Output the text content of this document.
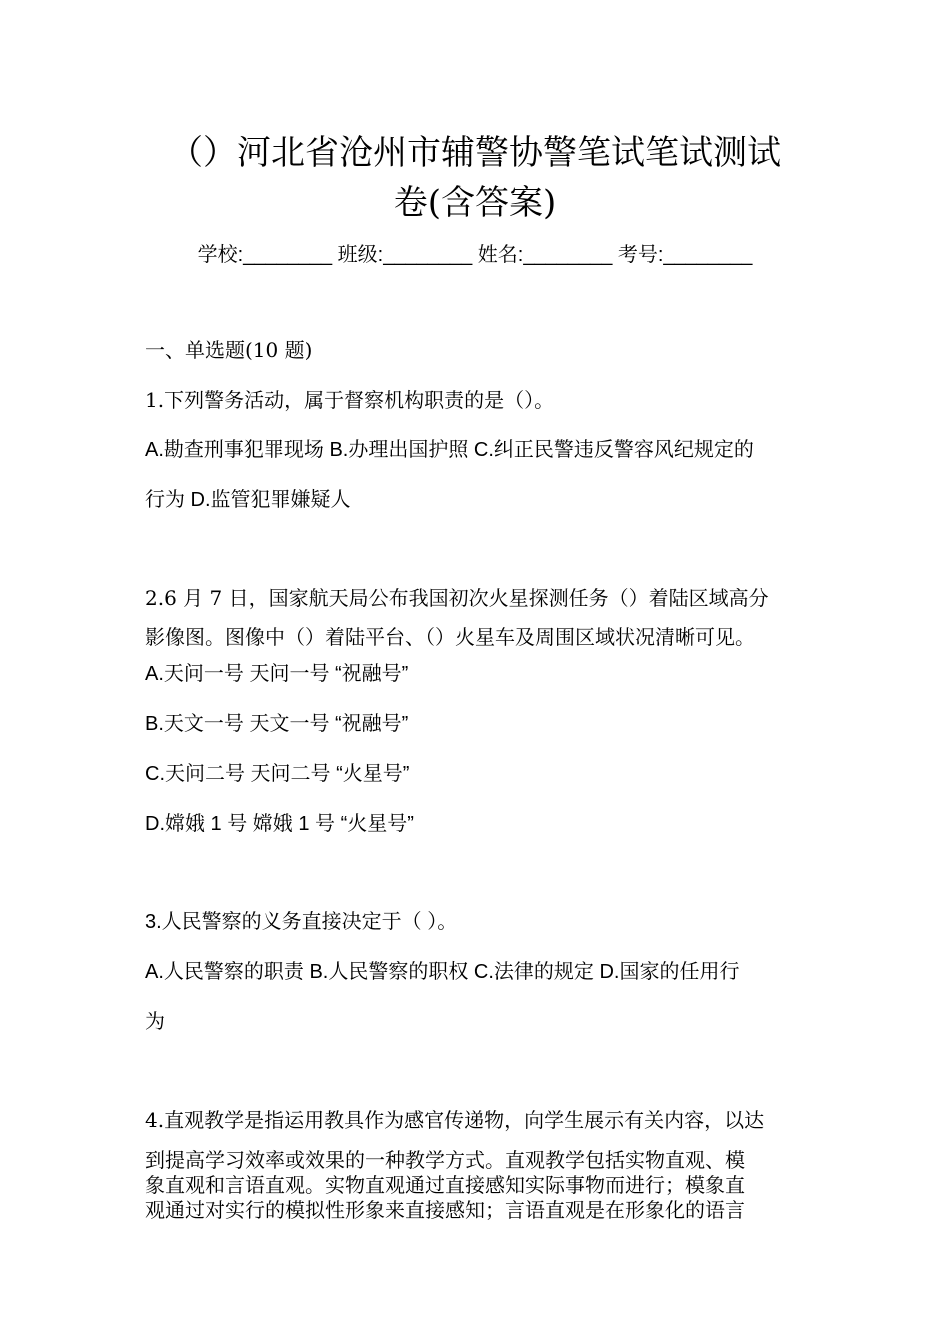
（）河北省沧州市辅警协警笔试笔试测试
卷(含答案)
学校:________ 班级:________ 姓名:________ 考号:________
一、单选题(10 题)
1.下列警务活动，属于督察机构职责的是（）。
A.勘查刑事犯罪现场 B.办理出国护照 C.纠正民警违反警容风纪规定的
行为 D.监管犯罪嫌疑人
2.6 月 7 日，国家航天局公布我国初次火星探测任务（）着陆区域高分
影像图。图像中（）着陆平台、（）火星车及周围区域状况清晰可见。
A.天问一号 天问一号 “祝融号”
B.天文一号 天文一号 “祝融号”
C.天问二号 天问二号 “火星号”
D.嫦娥 1 号 嫦娥 1 号 “火星号”
3.人民警察的义务直接决定于（ ）。
A.人民警察的职责 B.人民警察的职权 C.法律的规定 D.国家的任用行
为
4.直观教学是指运用教具作为感官传递物，向学生展示有关内容，以达
到提高学习效率或效果的一种教学方式。直观教学包括实物直观、模
象直观和言语直观。实物直观通过直接感知实际事物而进行；模象直
观通过对实行的模拟性形象来直接感知；言语直观是在形象化的语言
